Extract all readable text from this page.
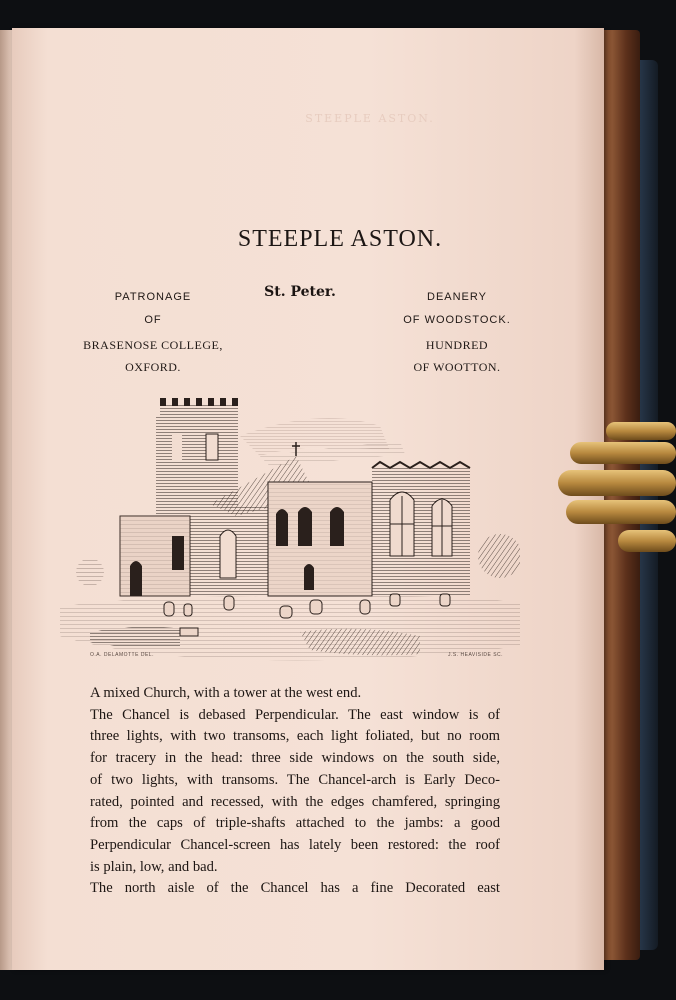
STEEPLE ASTON.
STEEPLE ASTON.
PATRONAGE
OF
BRASENOSE COLLEGE,
OXFORD.
St. Peter.	DEANERY
OF WOODSTOCK.
HUNDRED
OF WOOTTON.
O.A. DELAMOTTE DEL.	J.S. HEAVISIDE SC.
A mixed Church, with a tower at the west end.
The Chancel is debased Perpendicular. The east window is of
three lights, with two transoms, each light foliated, but no room
for tracery in the head: three side windows on the south side,
of two lights, with transoms. The Chancel-arch is Early Deco-
rated, pointed and recessed, with the edges chamfered, springing
from the caps of triple-shafts attached to the jambs: a good
Perpendicular Chancel-screen has lately been restored: the roof
is plain, low, and bad.
The north aisle of the Chancel has a fine Decorated east
